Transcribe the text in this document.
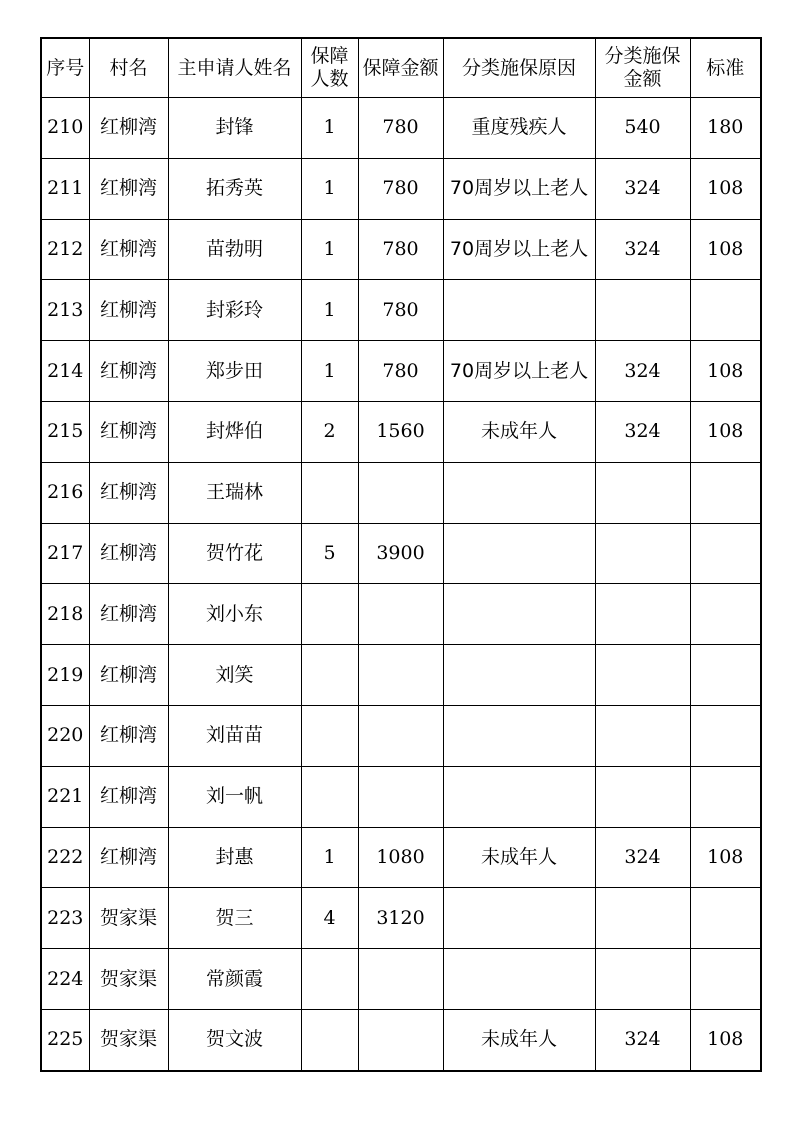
序号	村名	主申请人姓名	保障人数	保障金额	分类施保原因	分类施保金额	标准
210	红柳湾	封锋	1	780	重度残疾人	540	180
211	红柳湾	拓秀英	1	780	70周岁以上老人	324	108
212	红柳湾	苗勃明	1	780	70周岁以上老人	324	108
213	红柳湾	封彩玲	1	780			
214	红柳湾	郑步田	1	780	70周岁以上老人	324	108
215	红柳湾	封烨伯	2	1560	未成年人	324	108
216	红柳湾	王瑞林					
217	红柳湾	贺竹花	5	3900			
218	红柳湾	刘小东					
219	红柳湾	刘笑					
220	红柳湾	刘苗苗					
221	红柳湾	刘一帆					
222	红柳湾	封惠	1	1080	未成年人	324	108
223	贺家渠	贺三	4	3120			
224	贺家渠	常颜霞					
225	贺家渠	贺文波			未成年人	324	108
